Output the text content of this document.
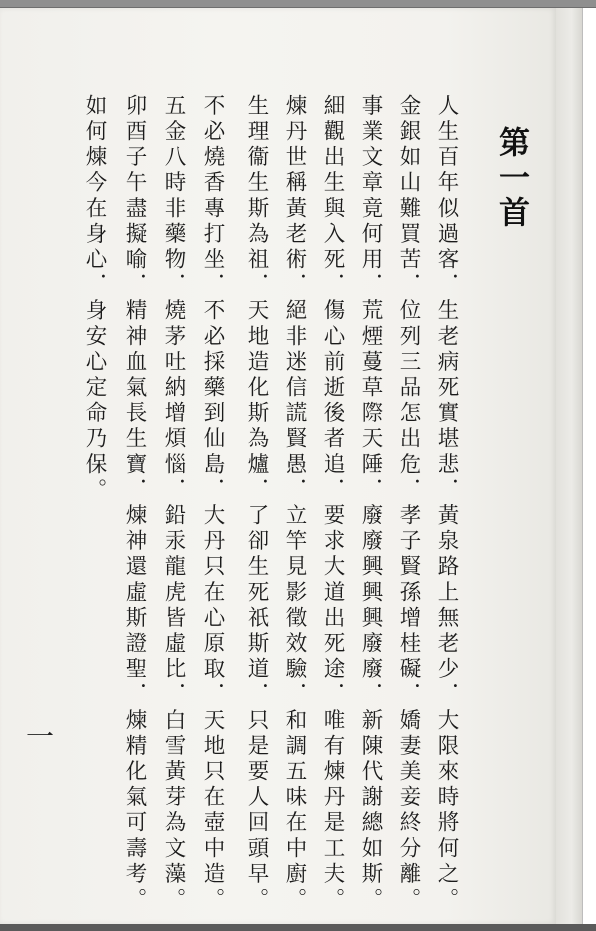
第一首

人生百年似過客．生老病死實堪悲．黃泉路上無老少．大限來時將何之。

金銀如山難買苦．位列三品怎出危．孝子賢孫增桂礙．嬌妻美妾終分離。

事業文章竟何用．荒煙蔓草際天陲．廢廢興興興廢廢．新陳代謝總如斯。

細觀出生與入死．傷心前逝後者追．要求大道出死途．唯有煉丹是工夫。

煉丹世稱黃老術．絕非迷信謊賢愚．立竿見影徵效驗．和調五味在中廚。

生理衞生斯為祖．天地造化斯為爐．了卻生死祇斯道．只是要人回頭早。

不必燒香專打坐．不必採藥到仙島．大丹只在心原取．天地只在壺中造。

五金八時非藥物．燒茅吐納增煩惱．鉛汞龍虎皆虛比．白雪黃芽為文藻。

卯酉子午盡擬喻．精神血氣長生寶．煉神還虛斯證聖．煉精化氣可壽考。

如何煉今在身心．身安心定命乃保。

一
